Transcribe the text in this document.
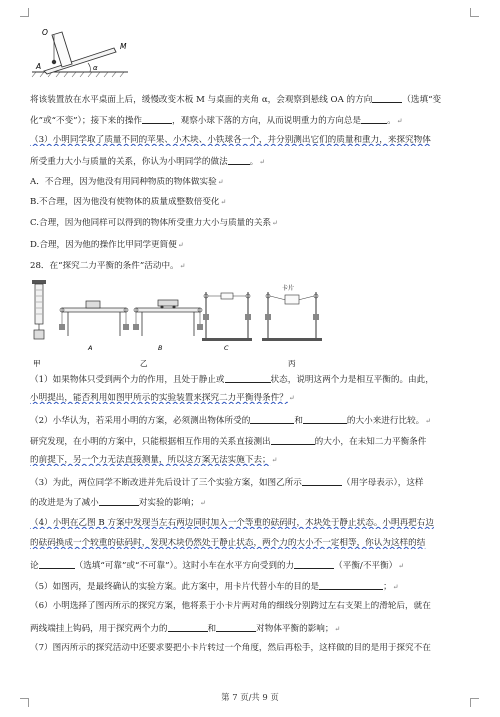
O
M
A	α
将该装置放在水平桌面上后，缓慢改变木板 M 与桌面的夹角 α，会观察到悬线 OA 的方向	（选填“变
化”或“不变”）；接下来的操作	，观察小球下落的方向，从而说明重力的方向总是	。↵
（3）小明同学取了质量不同的苹果、小木块、小铁球各一个，并分别测出它们的质量和重力，来探究物体
所受重力大小与质量的关系，你认为小明同学的做法	。↵
A．不合理，因为他没有用同种物质的物体做实验↵
B.不合理，因为他没有使物体的质量成整数倍变化↵
C.合理，因为他同样可以得到的物体所受重力大小与质量的关系↵
D.合理，因为他的操作比甲同学更简便↵
28．在“探究二力平衡的条件”活动中。↵
甲
A	B
乙
C
卡片
丙
（1）如果物体只受到两个力的作用，且处于静止或	状态，说明这两个力是相互平衡的。由此，
小明提出，能否利用如图甲所示的实验装置来探究二力平衡得条件？↵
（2）小华认为，若采用小明的方案，必须测出物体所受的	和	的大小来进行比较。↵
研究发现，在小明的方案中，只能根据相互作用的关系直接测出	的大小，在未知二力平衡条件
的前提下，另一个力无法直接测量，所以这方案无法实施下去；↵
（3）为此，两位同学不断改进并先后设计了三个实验方案，如图乙所示	（用字母表示），这样
的改进是为了减小	对实验的影响；↵
（4）小明在乙图 B 方案中发现当左右两边同时加入一个等重的砝码时，木块处于静止状态。小明再把右边
的砝码换成一个较重的砝码时，发现木块仍然处于静止状态，两个力的大小不一定相等，你认为这样的结
论	（选填“可靠”或“不可靠”）。这时小车在水平方向受到的力	（平衡/不平衡）↵
（5）如图丙，是最终确认的实验方案。此方案中，用卡片代替小车的目的是	；↵
（6）小明选择了图丙所示的探究方案，他将系于小卡片两对角的细线分别跨过左右支架上的滑轮后，就在
两线端挂上钩码，用于探究两个力的	和	对物体平衡的影响；↵
（7）图丙所示的探究活动中还要求要把小卡片转过一个角度，然后再松手，这样做的目的是用于探究不在
第 7 页/共 9 页
